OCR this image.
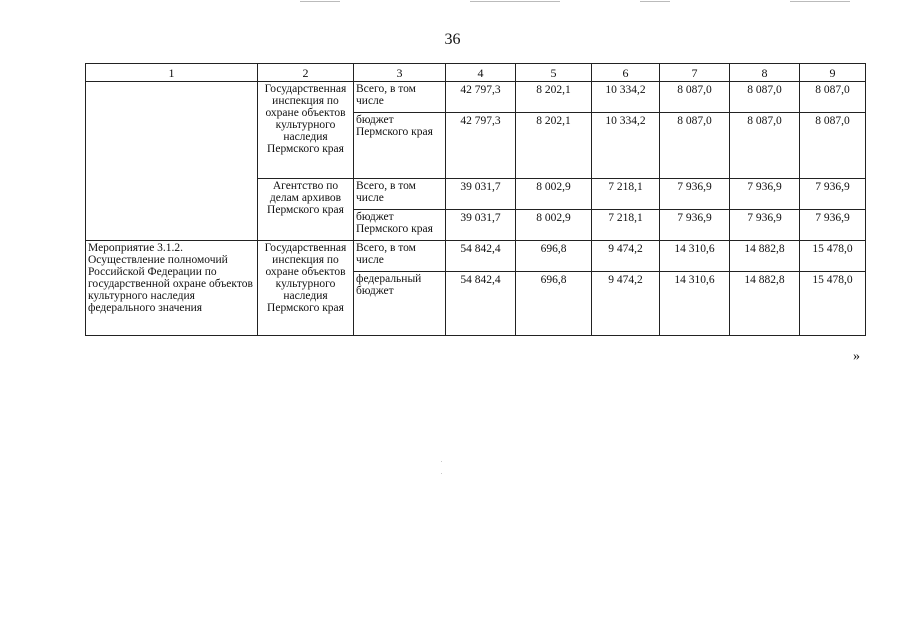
36
1	2	3	4	5	6	7	8	9
	Государственная инспекция по охране объектов культурного наследия Пермского края	Всего, в том числе	42 797,3	8 202,1	10 334,2	8 087,0	8 087,0	8 087,0
		бюджет Пермского края	42 797,3	8 202,1	10 334,2	8 087,0	8 087,0	8 087,0
	Агентство по делам архивов Пермского края	Всего, в том числе	39 031,7	8 002,9	7 218,1	7 936,9	7 936,9	7 936,9
		бюджет Пермского края	39 031,7	8 002,9	7 218,1	7 936,9	7 936,9	7 936,9
Мероприятие 3.1.2. Осуществление полномочий Российской Федерации по государственной охране объектов культурного наследия федерального значения	Государственная инспекция по охране объектов культурного наследия Пермского края	Всего, в том числе	54 842,4	696,8	9 474,2	14 310,6	14 882,8	15 478,0
		федеральный бюджет	54 842,4	696,8	9 474,2	14 310,6	14 882,8	15 478,0
»
